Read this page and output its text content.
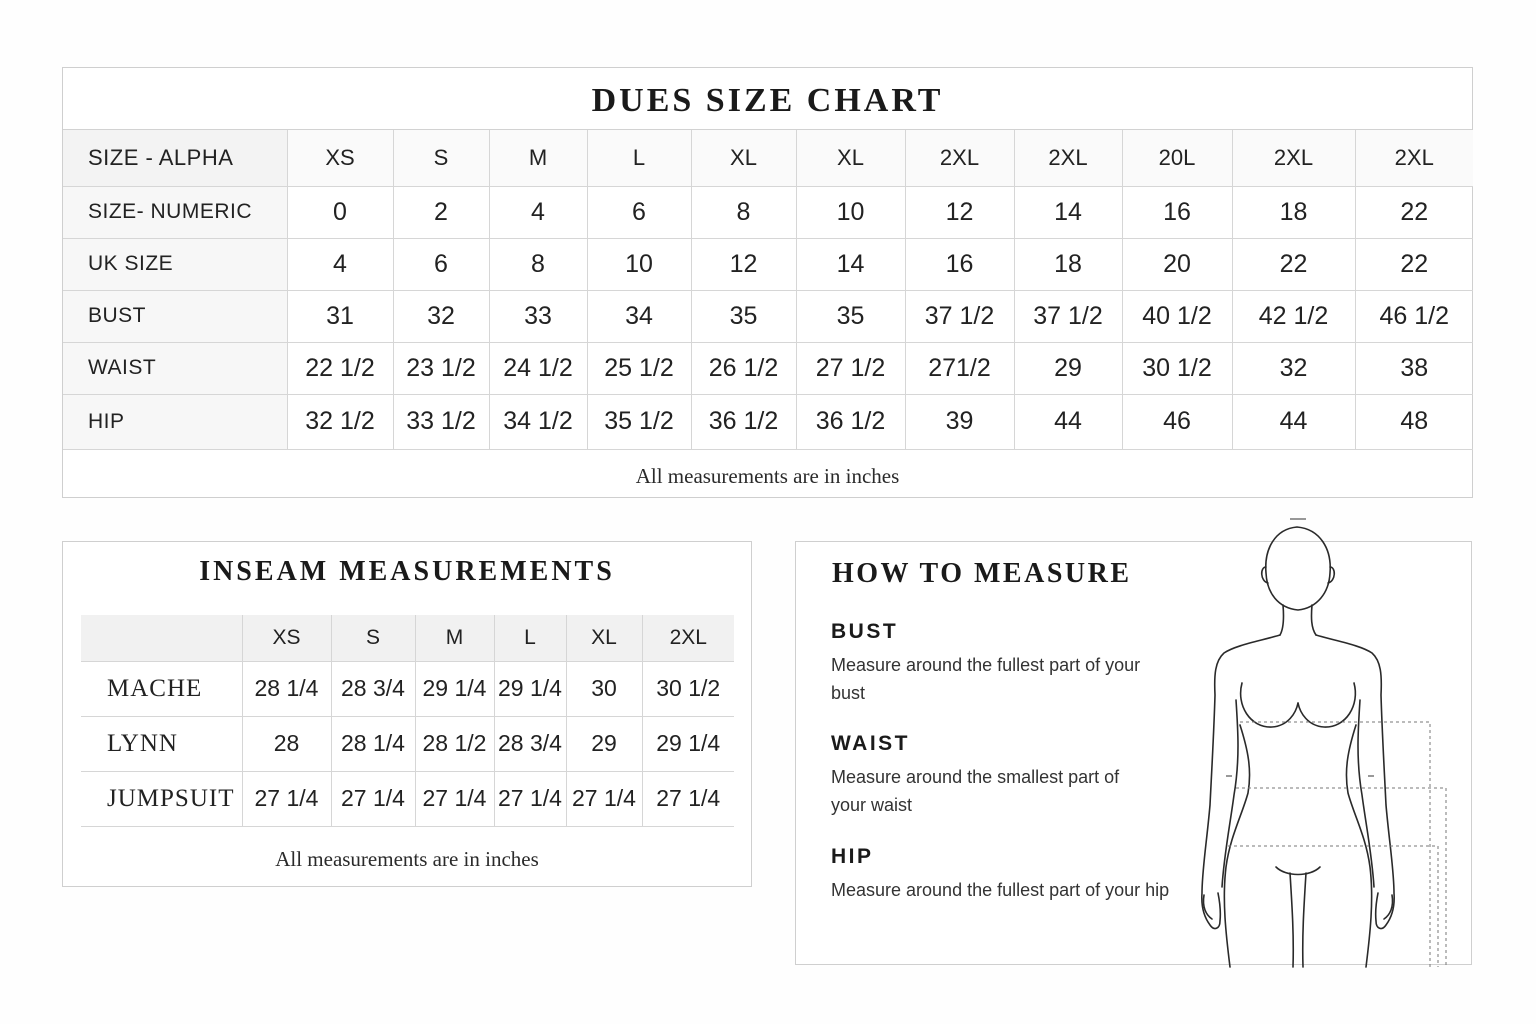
DUES SIZE CHART
SIZE - ALPHA	XS	S	M	L	XL	XL	2XL	2XL	20L	2XL	2XL
SIZE- NUMERIC	0	2	4	6	8	10	12	14	16	18	22
UK SIZE	4	6	8	10	12	14	16	18	20	22	22
BUST	31	32	33	34	35	35	37 1/2	37 1/2	40 1/2	42 1/2	46 1/2
WAIST	22 1/2	23 1/2	24 1/2	25 1/2	26 1/2	27 1/2	271/2	29	30 1/2	32	38
HIP	32 1/2	33 1/2	34 1/2	35 1/2	36 1/2	36 1/2	39	44	46	44	48
All measurements are in inches
INSEAM MEASUREMENTS
	XS	S	M	L	XL	2XL
MACHE	28 1/4	28 3/4	29 1/4	29 1/4	30	30 1/2
LYNN	28	28 1/4	28 1/2	28 3/4	29	29 1/4
JUMPSUIT	27 1/4	27 1/4	27 1/4	27 1/4	27 1/4	27 1/4
All measurements are in inches
HOW TO MEASURE
BUST
Measure around the fullest part of your bust
WAIST
Measure around the smallest part of your waist
HIP
Measure around the fullest part of your hip
